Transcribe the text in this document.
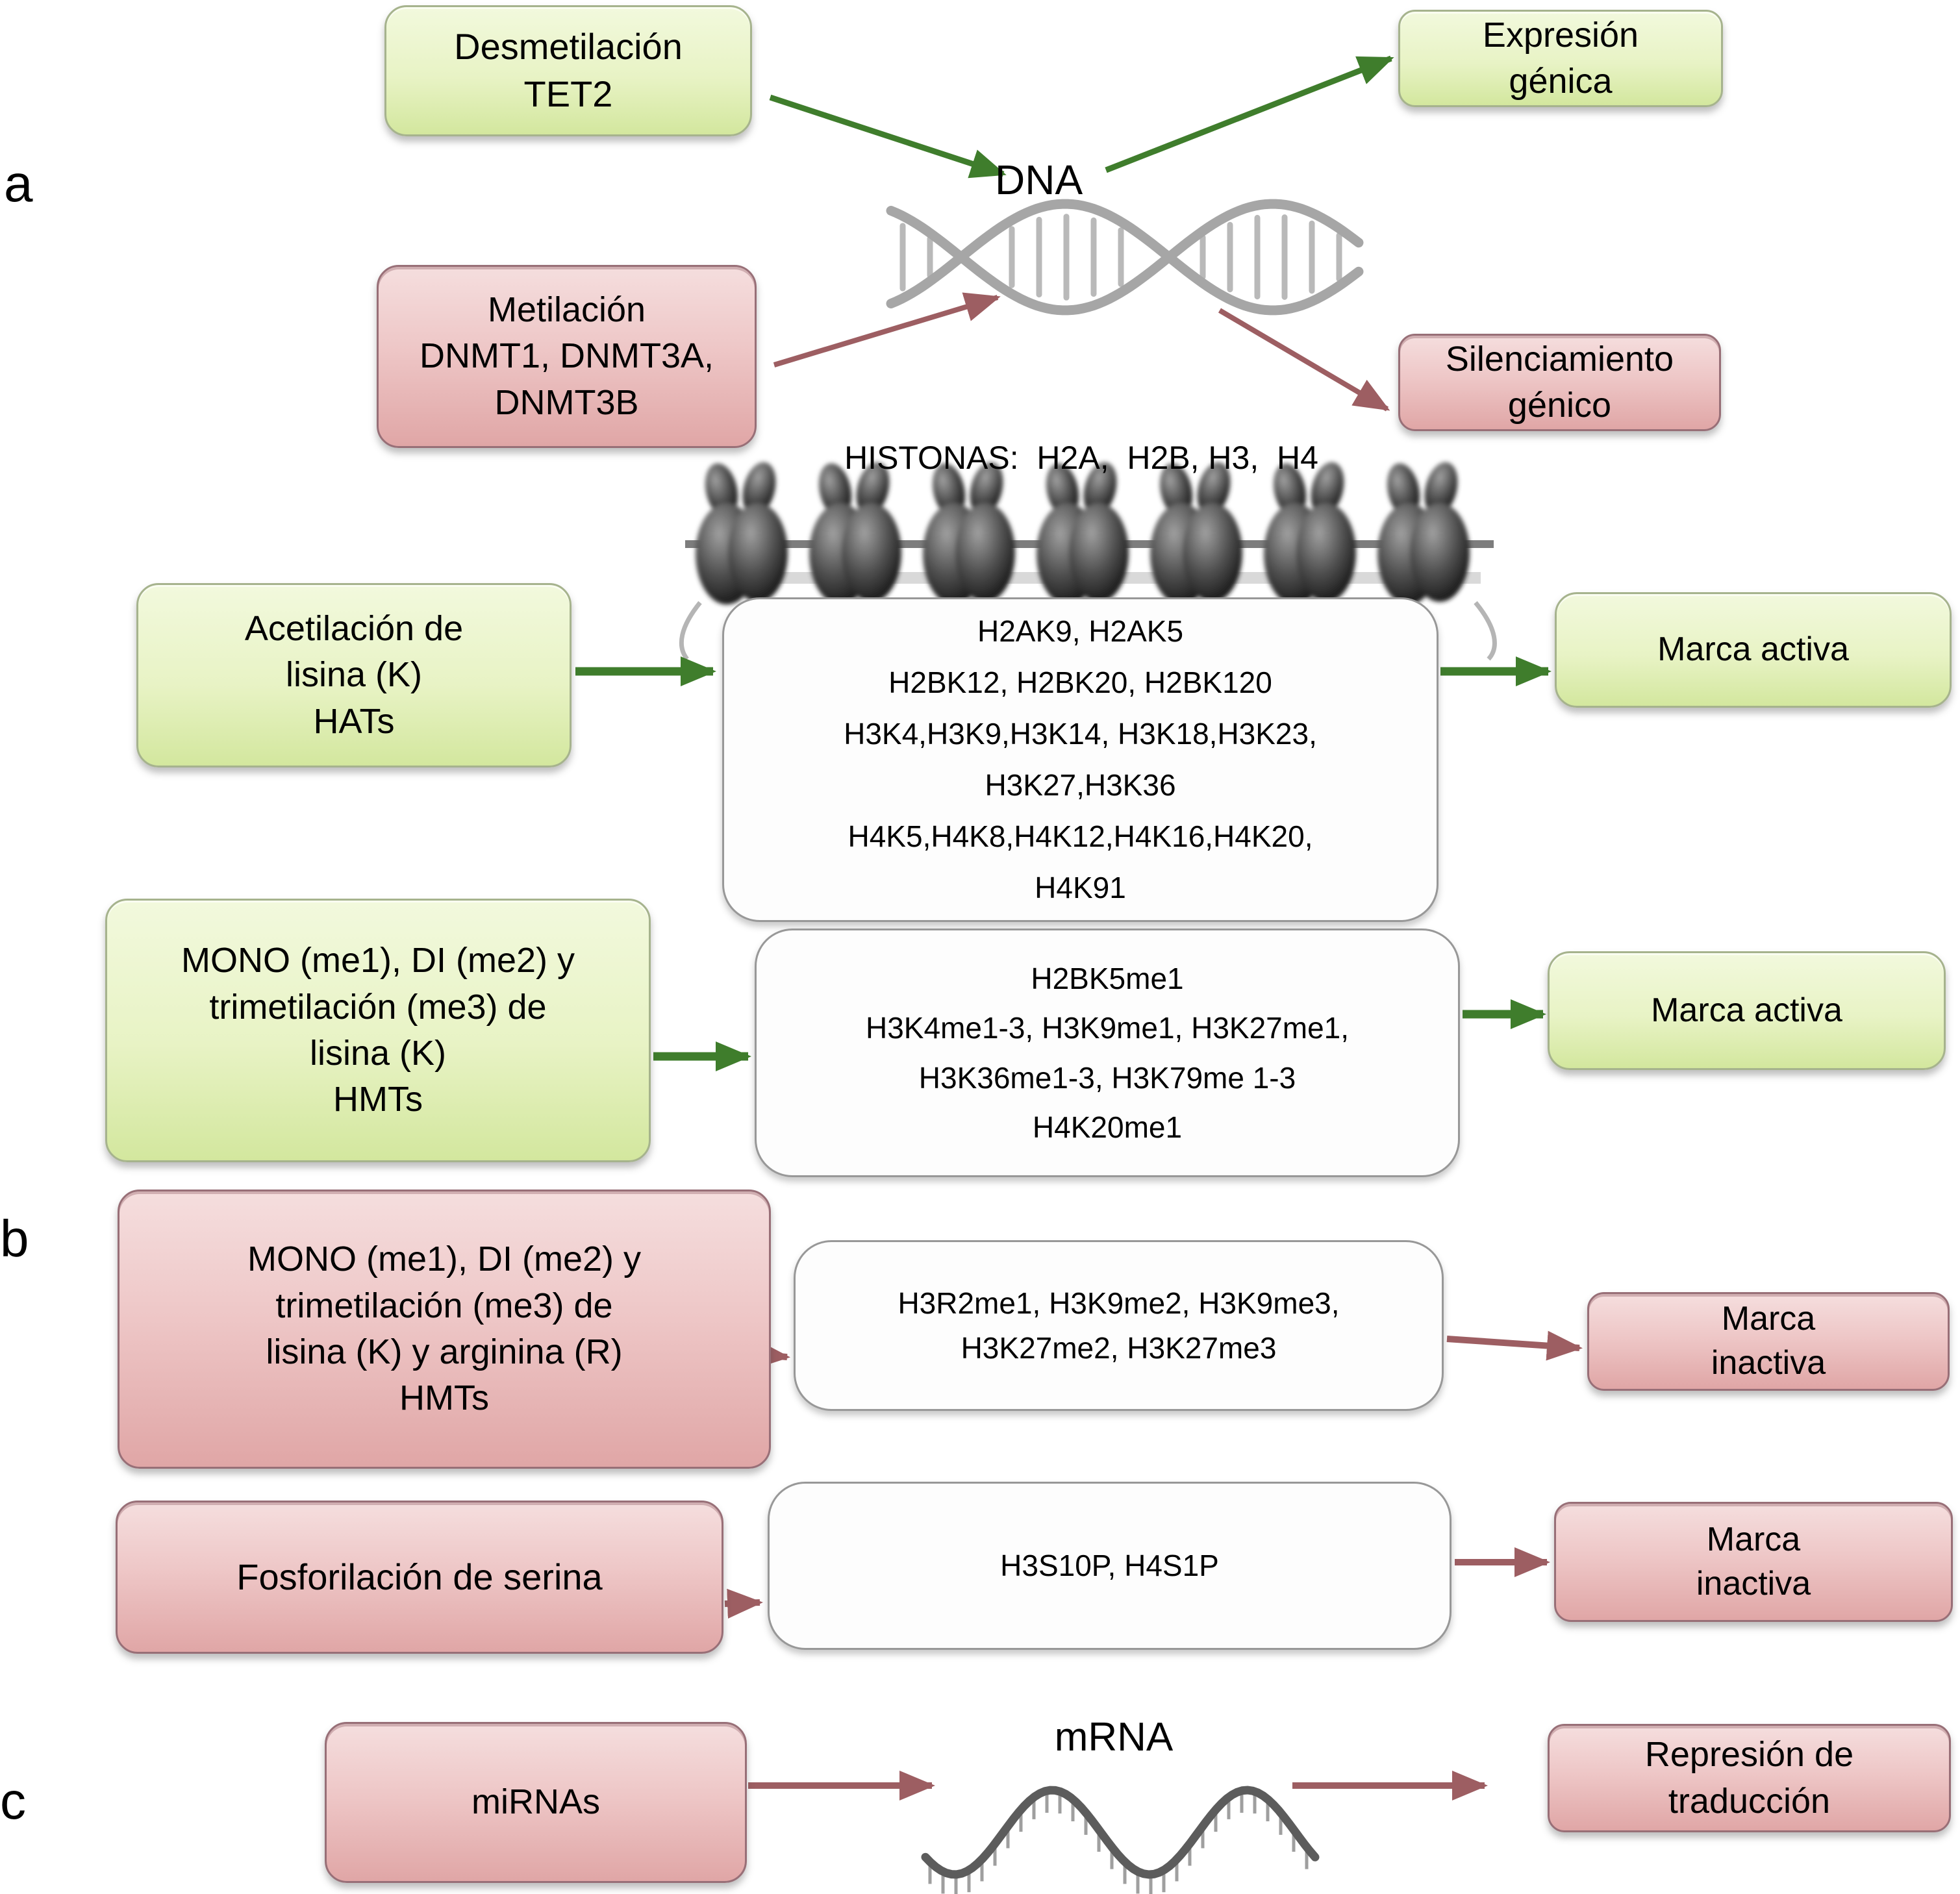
a
b
c
DNA
HISTONAS:  H2A,  H2B, H3,  H4
mRNA
Desmetilación
TET2
Metilación
DNMT1, DNMT3A,
DNMT3B
Expresión
génica
Silenciamiento
génico
Acetilación de
lisina (K)
HATs
H2AK9, H2AK5
H2BK12, H2BK20, H2BK120
H3K4,H3K9,H3K14, H3K18,H3K23,
H3K27,H3K36
H4K5,H4K8,H4K12,H4K16,H4K20,
H4K91
Marca activa
MONO (me1), DI (me2) y
trimetilación (me3) de
lisina (K)
HMTs
H2BK5me1
H3K4me1-3, H3K9me1, H3K27me1,
H3K36me1-3, H3K79me 1-3
H4K20me1
Marca activa
MONO (me1), DI (me2) y
trimetilación (me3) de
lisina (K) y arginina (R)
HMTs
H3R2me1, H3K9me2, H3K9me3,
H3K27me2, H3K27me3
Marca
inactiva
Fosforilación de serina	H3S10P, H4S1P
Marca
inactiva
miRNAs
Represión de
traducción
